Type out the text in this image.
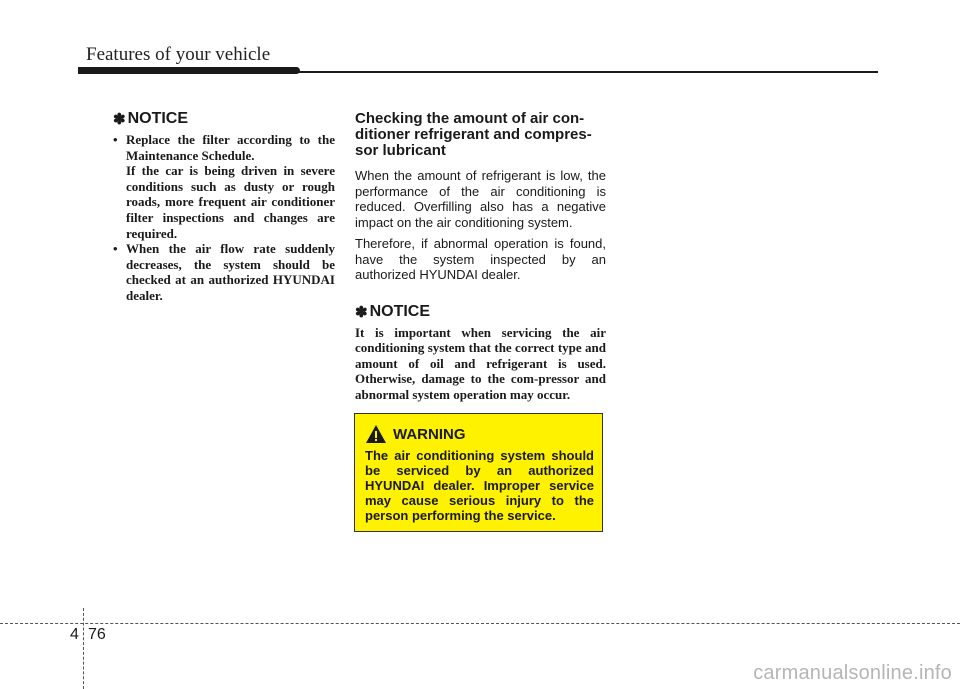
Features of your vehicle
✽ NOTICE
• Replace the filter according to the Maintenance Schedule.
If the car is being driven in severe conditions such as dusty or rough roads, more frequent air conditioner filter inspections and changes are required.
• When the air flow rate suddenly decreases, the system should be checked at an authorized HYUNDAI dealer.
Checking the amount of air con-ditioner refrigerant and compres-sor lubricant

When the amount of refrigerant is low, the performance of the air conditioning is reduced. Overfilling also has a negative impact on the air conditioning system.

Therefore, if abnormal operation is found, have the system inspected by an authorized HYUNDAI dealer.

✽ NOTICE

It is important when servicing the air conditioning system that the correct type and amount of oil and refrigerant is used. Otherwise, damage to the com-pressor and abnormal system operation may occur.

WARNING

The air conditioning system should be serviced by an authorized HYUNDAI dealer. Improper service may cause serious injury to the person performing the service.

4 76
carmanualsonline.info
